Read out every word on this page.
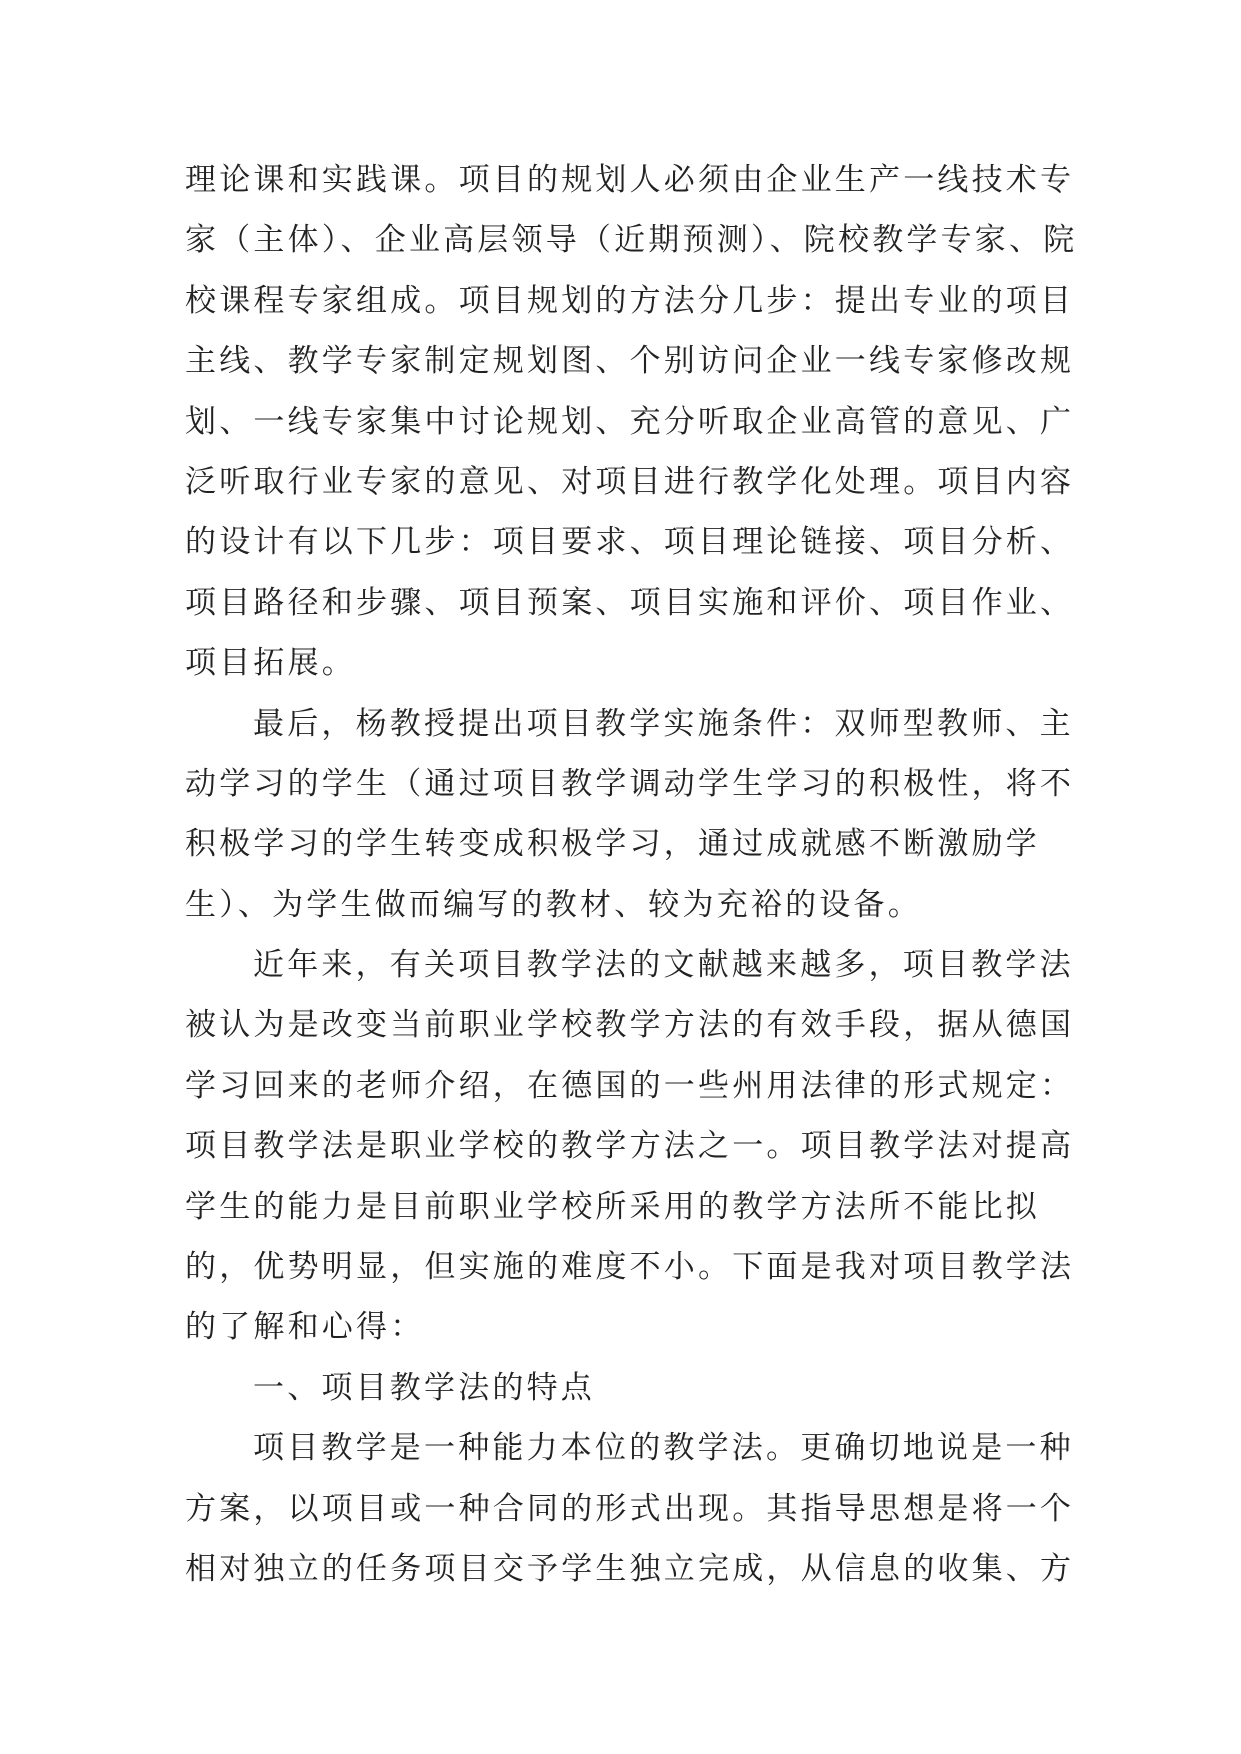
理论课和实践课。项目的规划人必须由企业生产一线技术专
家（主体）、企业高层领导（近期预测）、院校教学专家、院
校课程专家组成。项目规划的方法分几步：提出专业的项目
主线、教学专家制定规划图、个别访问企业一线专家修改规
划、一线专家集中讨论规划、充分听取企业高管的意见、广
泛听取行业专家的意见、对项目进行教学化处理。项目内容
的设计有以下几步：项目要求、项目理论链接、项目分析、
项目路径和步骤、项目预案、项目实施和评价、项目作业、
项目拓展。
最后，杨教授提出项目教学实施条件：双师型教师、主
动学习的学生（通过项目教学调动学生学习的积极性，将不
积极学习的学生转变成积极学习，通过成就感不断激励学
生）、为学生做而编写的教材、较为充裕的设备。
近年来，有关项目教学法的文献越来越多，项目教学法
被认为是改变当前职业学校教学方法的有效手段，据从德国
学习回来的老师介绍，在德国的一些州用法律的形式规定：
项目教学法是职业学校的教学方法之一。项目教学法对提高
学生的能力是目前职业学校所采用的教学方法所不能比拟
的，优势明显，但实施的难度不小。下面是我对项目教学法
的了解和心得：
一、项目教学法的特点
项目教学是一种能力本位的教学法。更确切地说是一种
方案，以项目或一种合同的形式出现。其指导思想是将一个
相对独立的任务项目交予学生独立完成，从信息的收集、方
